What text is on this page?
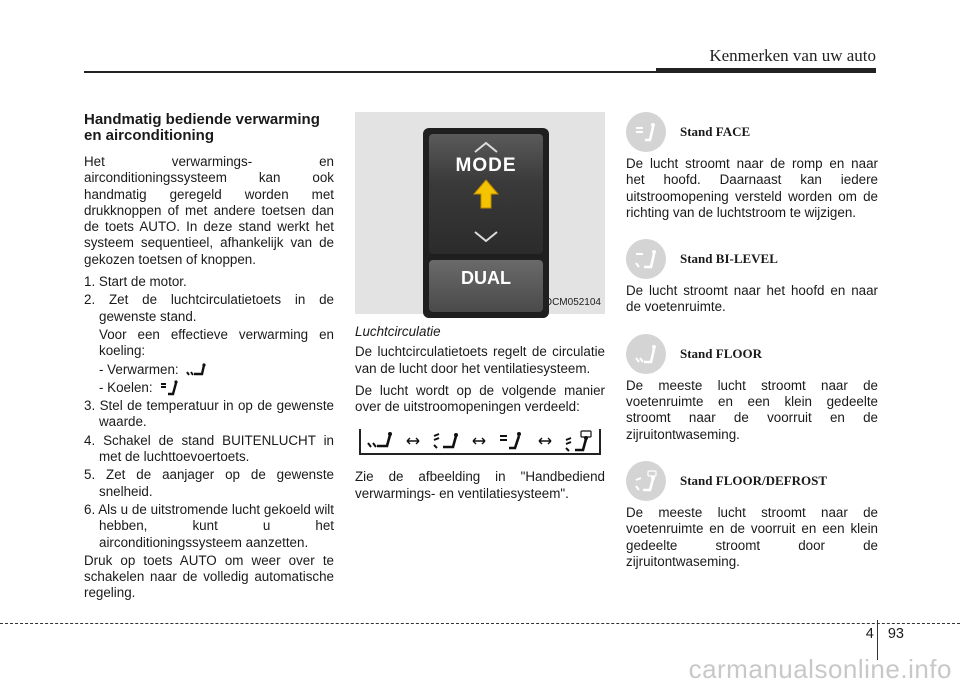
Kenmerken van uw auto
Handmatig bediende verwarming en airconditioning

Het verwarmings- en airconditioningssysteem kan ook handmatig geregeld worden met drukknoppen of met andere toetsen dan de toets AUTO. In deze stand werkt het systeem sequentieel, afhankelijk van de gekozen toetsen of knoppen.

1. Start de motor.
2. Zet de luchtcirculatietoets in de gewenste stand.
Voor een effectieve verwarming en koeling:
- Verwarmen:
- Koelen:
3. Stel de temperatuur in op de gewenste waarde.
4. Schakel de stand BUITENLUCHT in met de luchttoevoertoets.
5. Zet de aanjager op de gewenste snelheid.
6. Als u de uitstromende lucht gekoeld wilt hebben, kunt u het airconditioningssysteem aanzetten.

Druk op toets AUTO om weer over te schakelen naar de volledig automatische regeling.

MODE
DUAL
OCM052104
Luchtcirculatie

De luchtcirculatietoets regelt de circulatie van de lucht door het ventilatiesysteem.

De lucht wordt op de volgende manier over de uitstroomopeningen verdeeld:

Zie de afbeelding in "Handbediend verwarmings- en ventilatiesysteem".

Stand FACE

De lucht stroomt naar de romp en naar het hoofd. Daarnaast kan iedere uitstroomopening versteld worden om de richting van de luchtstroom te wijzigen.

Stand BI-LEVEL

De lucht stroomt naar het hoofd en naar de voetenruimte.

Stand FLOOR

De meeste lucht stroomt naar de voetenruimte en een klein gedeelte stroomt naar de voorruit en de zijruitontwaseming.

Stand FLOOR/DEFROST

De meeste lucht stroomt naar de voetenruimte en de voorruit en een klein gedeelte stroomt door de zijruitontwaseming.

4 93
carmanualsonline.info
